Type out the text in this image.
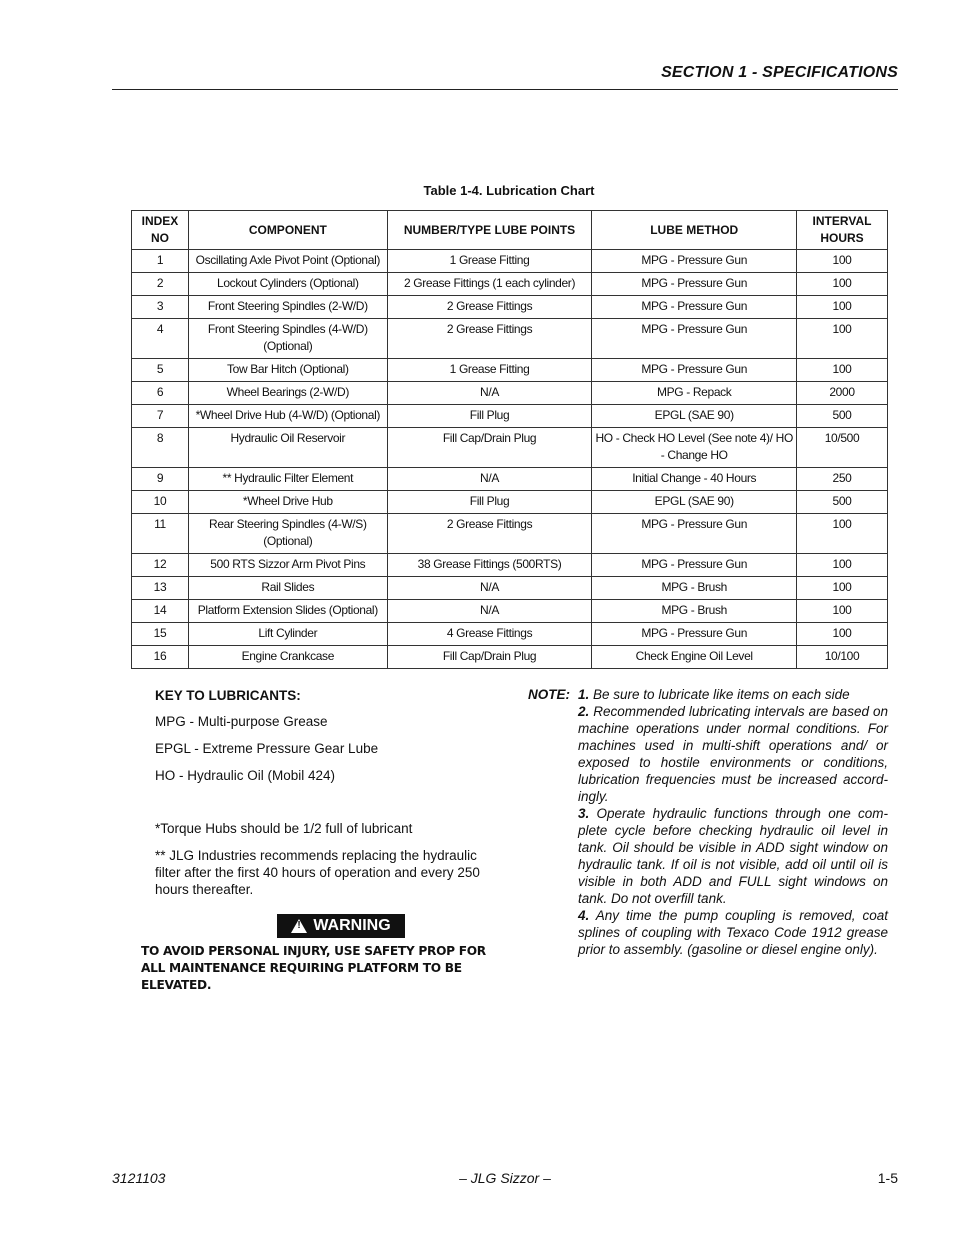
SECTION 1 - SPECIFICATIONS
Table 1-4. Lubrication Chart
INDEX NO	COMPONENT	NUMBER/TYPE LUBE POINTS	LUBE METHOD	INTERVAL HOURS
1	Oscillating Axle Pivot Point (Optional)	1 Grease Fitting	MPG - Pressure Gun	100
2	Lockout Cylinders (Optional)	2 Grease Fittings (1 each cylinder)	MPG - Pressure Gun	100
3	Front Steering Spindles (2-W/D)	2 Grease Fittings	MPG - Pressure Gun	100
4	Front Steering Spindles (4-W/D) (Optional)	2 Grease Fittings	MPG - Pressure Gun	100
5	Tow Bar Hitch (Optional)	1 Grease Fitting	MPG - Pressure Gun	100
6	Wheel Bearings (2-W/D)	N/A	MPG - Repack	2000
7	*Wheel Drive Hub (4-W/D) (Optional)	Fill Plug	EPGL (SAE 90)	500
8	Hydraulic Oil Reservoir	Fill Cap/Drain Plug	HO - Check HO Level (See note 4)/ HO - Change HO	10/500
9	** Hydraulic Filter Element	N/A	Initial Change - 40 Hours	250
10	*Wheel Drive Hub	Fill Plug	EPGL (SAE 90)	500
11	Rear Steering Spindles (4-W/S) (Optional)	2 Grease Fittings	MPG - Pressure Gun	100
12	500 RTS Sizzor Arm Pivot Pins	38 Grease Fittings (500RTS)	MPG - Pressure Gun	100
13	Rail Slides	N/A	MPG - Brush	100
14	Platform Extension Slides (Optional)	N/A	MPG - Brush	100
15	Lift Cylinder	4 Grease Fittings	MPG - Pressure Gun	100
16	Engine Crankcase	Fill Cap/Drain Plug	Check Engine Oil Level	10/100
KEY TO LUBRICANTS:

MPG - Multi-purpose Grease

EPGL - Extreme Pressure Gear Lube

HO - Hydraulic Oil (Mobil 424)

*Torque Hubs should be 1/2 full of lubricant

** JLG Industries recommends replacing the hydraulic filter after the first 40 hours of operation and every 250 hours thereafter.

!
WARNING
TO AVOID PERSONAL INJURY, USE SAFETY PROP FOR ALL MAINTENANCE REQUIRING PLATFORM TO BE ELEVATED.
NOTE: 1. Be sure to lubricate like items on each side

2. Recommended lubricating intervals are based on machine operations under normal conditions. For machines used in multi-shift operations and/ or exposed to hostile environments or conditions, lubrication frequencies must be increased accord-ingly.

3. Operate hydraulic functions through one com-plete cycle before checking hydraulic oil level in tank. Oil should be visible in ADD sight window on hydraulic tank. If oil is not visible, add oil until oil is visible in both ADD and FULL sight windows on tank. Do not overfill tank.

4. Any time the pump coupling is removed, coat splines of coupling with Texaco Code 1912 grease prior to assembly. (gasoline or diesel engine only).

3121103	– JLG Sizzor –	1-5
